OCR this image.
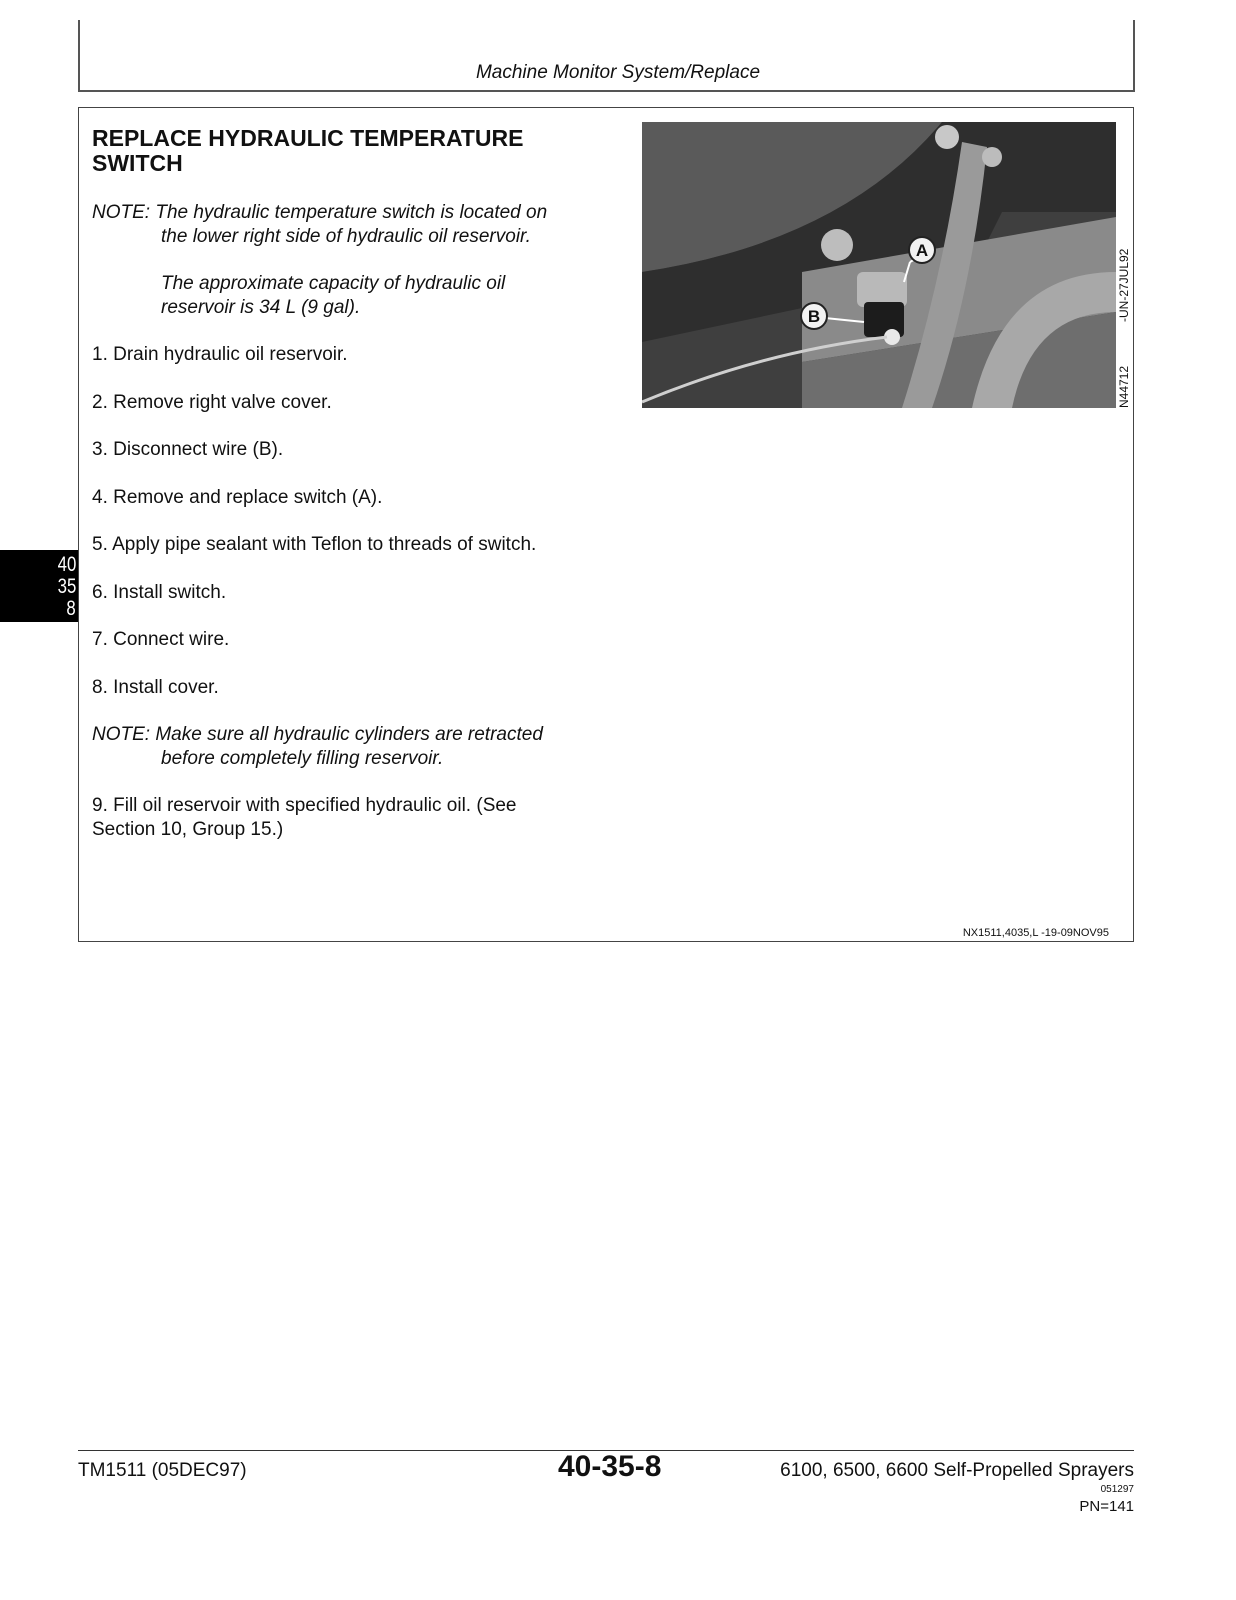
Machine Monitor System/Replace
REPLACE HYDRAULIC TEMPERATURE SWITCH
NOTE: The hydraulic temperature switch is located on
the lower right side of hydraulic oil reservoir.
The approximate capacity of hydraulic oil
reservoir is 34 L (9 gal).
1. Drain hydraulic oil reservoir.
2. Remove right valve cover.
3. Disconnect wire (B).
4. Remove and replace switch (A).
5. Apply pipe sealant with Teflon to threads of switch.
6. Install switch.
7. Connect wire.
8. Install cover.
NOTE: Make sure all hydraulic cylinders are retracted
before completely filling reservoir.
9. Fill oil reservoir with specified hydraulic oil. (See
Section 10, Group 15.)
A
B	-UN-27JUL92
N44712
NX1511,4035,L -19-09NOV95
40
35
8
TM1511 (05DEC97)	40-35-8	6100, 6500, 6600 Self-Propelled Sprayers
051297
PN=141
